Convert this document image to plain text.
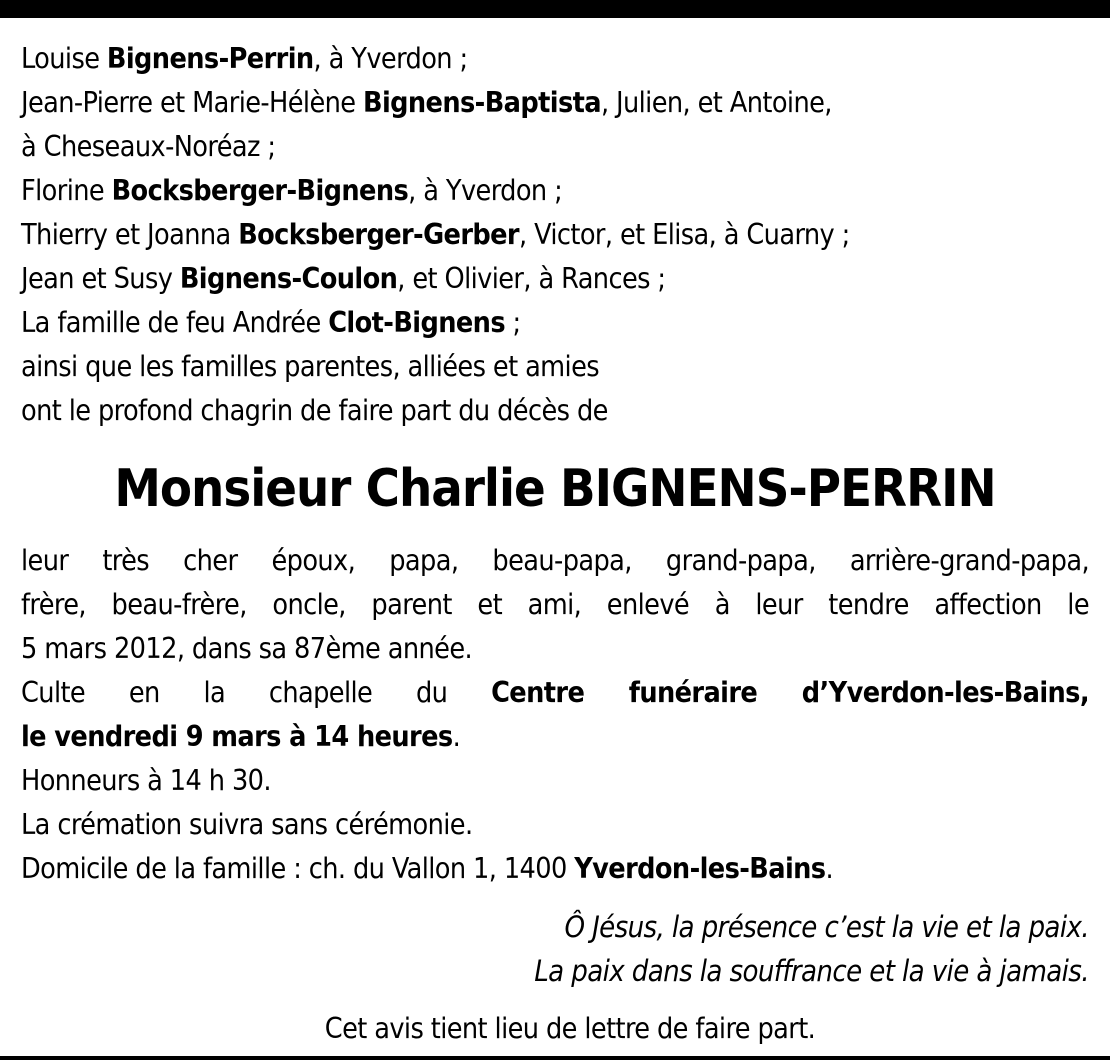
Louise Bignens-Perrin, à Yverdon ;
Jean-Pierre et Marie-Hélène Bignens-Baptista, Julien, et Antoine,
à Cheseaux-Noréaz ;
Florine Bocksberger-Bignens, à Yverdon ;
Thierry et Joanna Bocksberger-Gerber, Victor, et Elisa, à Cuarny ;
Jean et Susy Bignens-Coulon, et Olivier, à Rances ;
La famille de feu Andrée Clot-Bignens ;
ainsi que les familles parentes, alliées et amies
ont le profond chagrin de faire part du décès de
Monsieur Charlie BIGNENS-PERRIN
leur très cher époux, papa, beau-papa, grand-papa, arrière-grand-papa,
frère, beau-frère, oncle, parent et ami, enlevé à leur tendre affection le
5 mars 2012, dans sa 87ème année.
Culte en la chapelle du Centre funéraire d’Yverdon-les-Bains,
le vendredi 9 mars à 14 heures.
Honneurs à 14 h 30.
La crémation suivra sans cérémonie.
Domicile de la famille : ch. du Vallon 1, 1400 Yverdon-les-Bains.
Ô Jésus, la présence c’est la vie et la paix.
La paix dans la souffrance et la vie à jamais.
Cet avis tient lieu de lettre de faire part.
